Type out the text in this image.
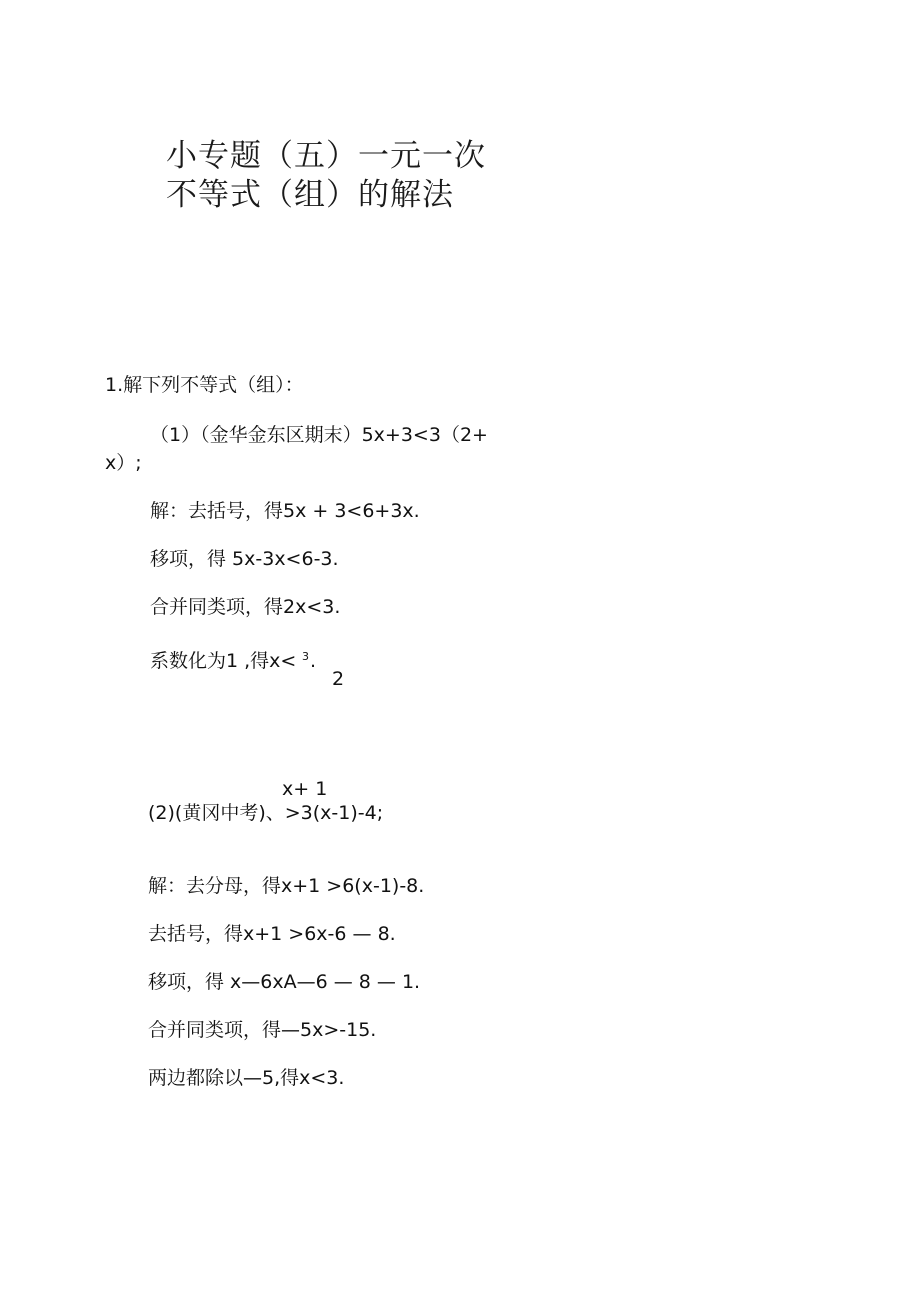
小专题（五）一元一次
不等式（组）的解法
1.解下列不等式（组）：
（1）（金华金东区期末）5x+3<3（2+
x）;
解：去括号，得5x + 3<6+3x.
移项，得 5x-3x<6-3.
合并同类项，得2x<3.
系数化为1 ,得x< 3 .
2
x+ 1
(2)(黄冈中考)、>3(x-1)-4;
解：去分母，得x+1 >6(x-1)-8.
去括号，得x+1 >6x-6 — 8.
移项，得 x—6xA—6 — 8 — 1.
合并同类项，得—5x>-15.
两边都除以—5,得x<3.
